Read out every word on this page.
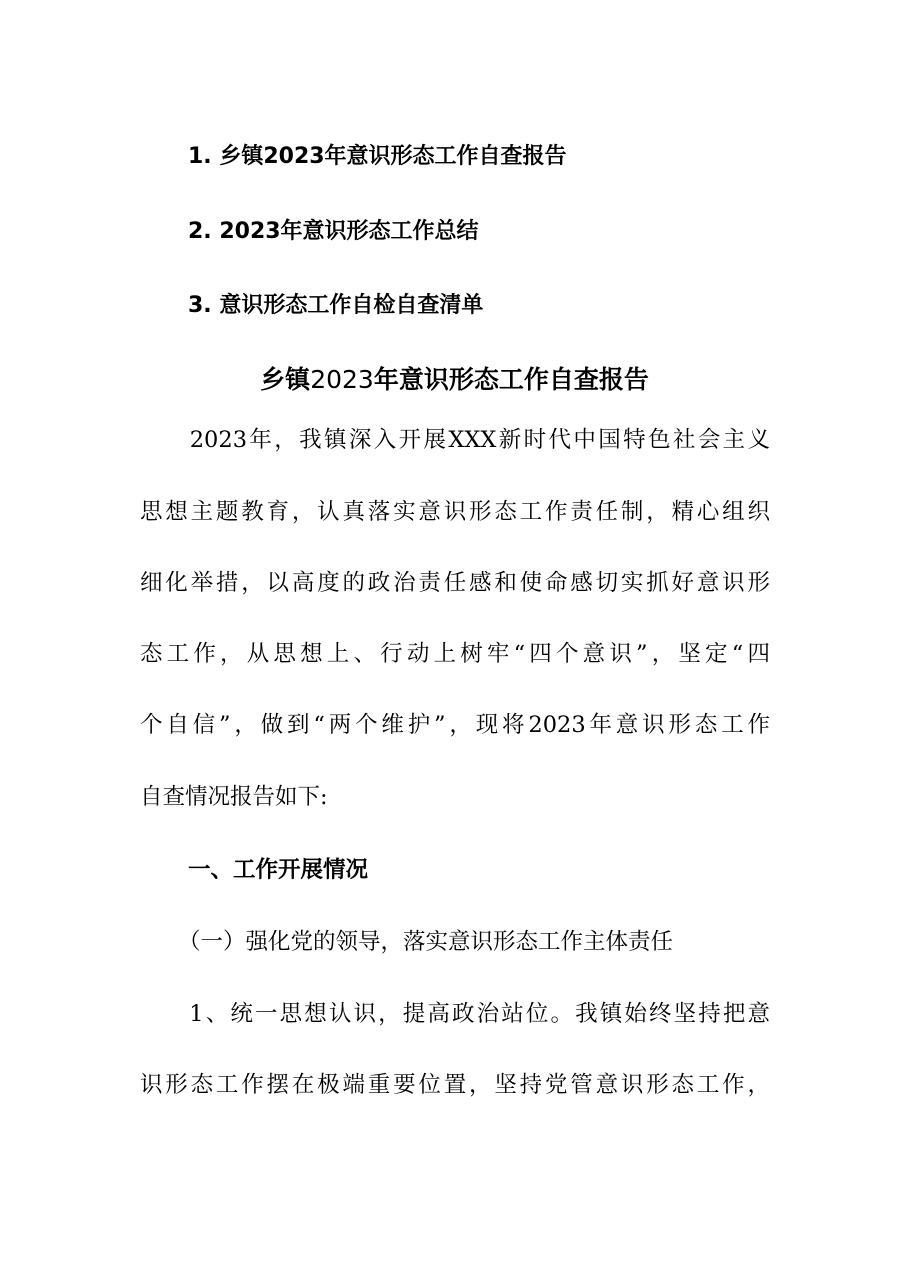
1. 乡镇2023年意识形态工作自查报告
2. 2023年意识形态工作总结
3. 意识形态工作自检自查清单
乡镇2023年意识形态工作自查报告
　　2023年，我镇深入开展XXX新时代中国特色社会主义
思想主题教育，认真落实意识形态工作责任制，精心组织
细化举措，以高度的政治责任感和使命感切实抓好意识形
态工作，从思想上、行动上树牢“四个意识”，坚定“四
个自信”，做到“两个维护”，现将2023年意识形态工作
自查情况报告如下:
一、工作开展情况
（一）强化党的领导，落实意识形态工作主体责任
　　1、统一思想认识，提高政治站位。我镇始终坚持把意
识形态工作摆在极端重要位置，坚持党管意识形态工作，
